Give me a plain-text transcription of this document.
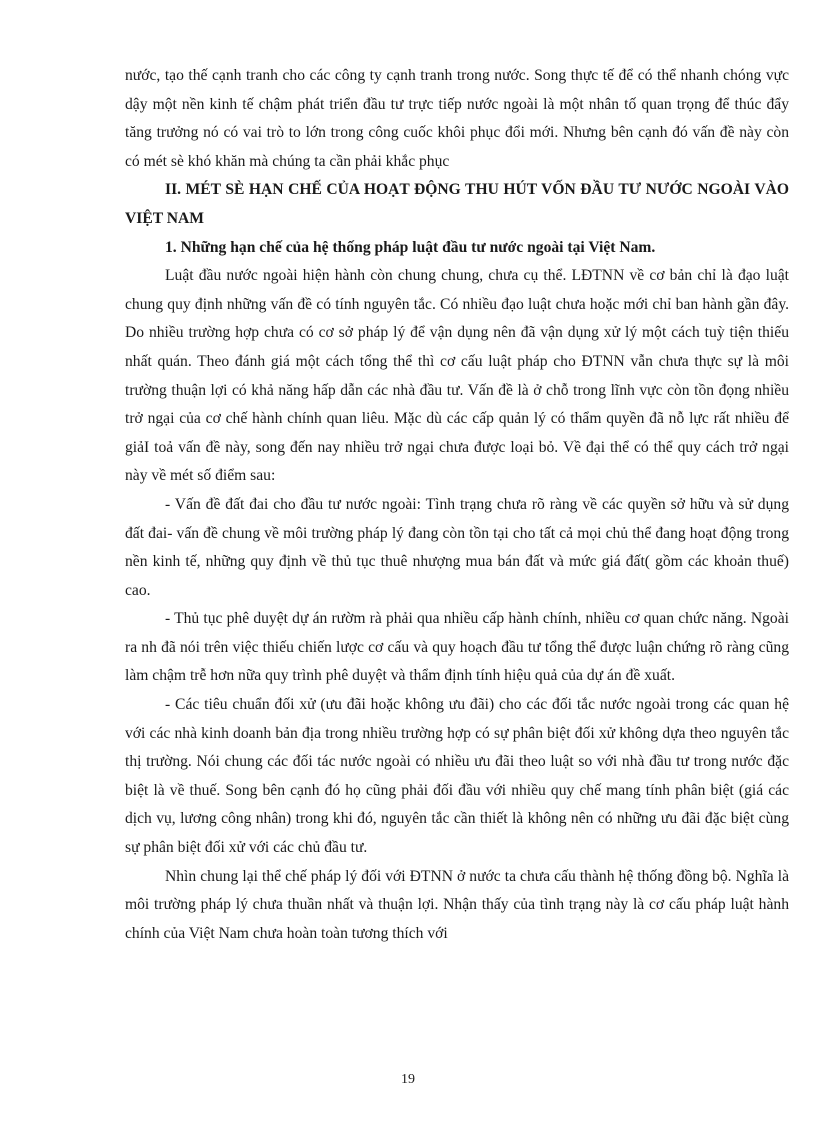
nước, tạo thế cạnh tranh cho các công ty cạnh tranh trong nước. Song thực tế để có thể nhanh chóng vực dậy một nền kinh tế chậm phát triển đầu tư trực tiếp nước ngoài là một nhân tố quan trọng để thúc đẩy tăng trưởng nó có vai trò to lớn trong công cuốc khôi phục đổi mới. Nhưng bên cạnh đó vấn đề này còn có mét sè khó khăn mà chúng ta cần phải khắc phục

II. MÉT SÈ HẠN CHẾ CỦA HOẠT ĐỘNG THU HÚT VỐN ĐẦU TƯ NƯỚC NGOÀI VÀO VIỆT NAM

1. Những hạn chế của hệ thống pháp luật đầu tư nước ngoài tại Việt Nam.

Luật đầu nước ngoài hiện hành còn chung chung, chưa cụ thể. LĐTNN về cơ bản chỉ là đạo luật chung quy định những vấn đề có tính nguyên tắc. Có nhiều đạo luật chưa hoặc mới chỉ ban hành gần đây. Do nhiều trường hợp chưa có cơ sở pháp lý để vận dụng nên đã vận dụng xử lý một cách tuỳ tiện thiếu nhất quán. Theo đánh giá một cách tổng thể thì cơ cấu luật pháp cho ĐTNN vẫn chưa thực sự là môi trường thuận lợi có khả năng hấp dẫn các nhà đầu tư. Vấn đề là ở chỗ trong lĩnh vực còn tồn đọng nhiều trở ngại của cơ chế hành chính quan liêu. Mặc dù các cấp quản lý có thẩm quyền đã nỗ lực rất nhiều để giảI toả vấn đề này, song đến nay nhiều trở ngại chưa được loại bỏ. Về đại thể có thể quy cách trở ngại này về mét số điểm sau:

- Vấn đề đất đai cho đầu tư nước ngoài: Tình trạng chưa rõ ràng về các quyền sở hữu và sử dụng đất đai- vấn đề chung về môi trường pháp lý đang còn tồn tại cho tất cả mọi chủ thể đang hoạt động trong nền kinh tế, những quy định về thủ tục thuê nhượng mua bán đất và mức giá đất( gồm các khoản thuế) cao.

- Thủ tục phê duyệt dự án rườm rà phải qua nhiều cấp hành chính, nhiều cơ quan chức năng. Ngoài ra nh đã nói trên việc thiếu chiến lược cơ cấu và quy hoạch đầu tư tổng thể được luận chứng rõ ràng cũng làm chậm trễ hơn nữa quy trình phê duyệt và thẩm định tính hiệu quả của dự án đề xuất.

- Các tiêu chuẩn đối xử (ưu đãi hoặc không ưu đãi) cho các đối tắc nước ngoài trong các quan hệ với các nhà kinh doanh bản địa trong nhiều trường hợp có sự phân biệt đối xử không dựa theo nguyên tắc thị trường. Nói chung các đối tác nước ngoài có nhiều ưu đãi theo luật so với nhà đầu tư trong nước đặc biệt là về thuế. Song bên cạnh đó họ cũng phải đối đầu với nhiều quy chế mang tính phân biệt (giá các dịch vụ, lương công nhân) trong khi đó, nguyên tắc cần thiết là không nên có những ưu đãi đặc biệt cùng sự phân biệt đối xử với các chủ đầu tư.

Nhìn chung lại thể chế pháp lý đối với ĐTNN ở nước ta chưa cấu thành hệ thống đồng bộ. Nghĩa là môi trường pháp lý chưa thuần nhất và thuận lợi. Nhận thấy của tình trạng này là cơ cấu pháp luật hành chính của Việt Nam chưa hoàn toàn tương thích với

19
